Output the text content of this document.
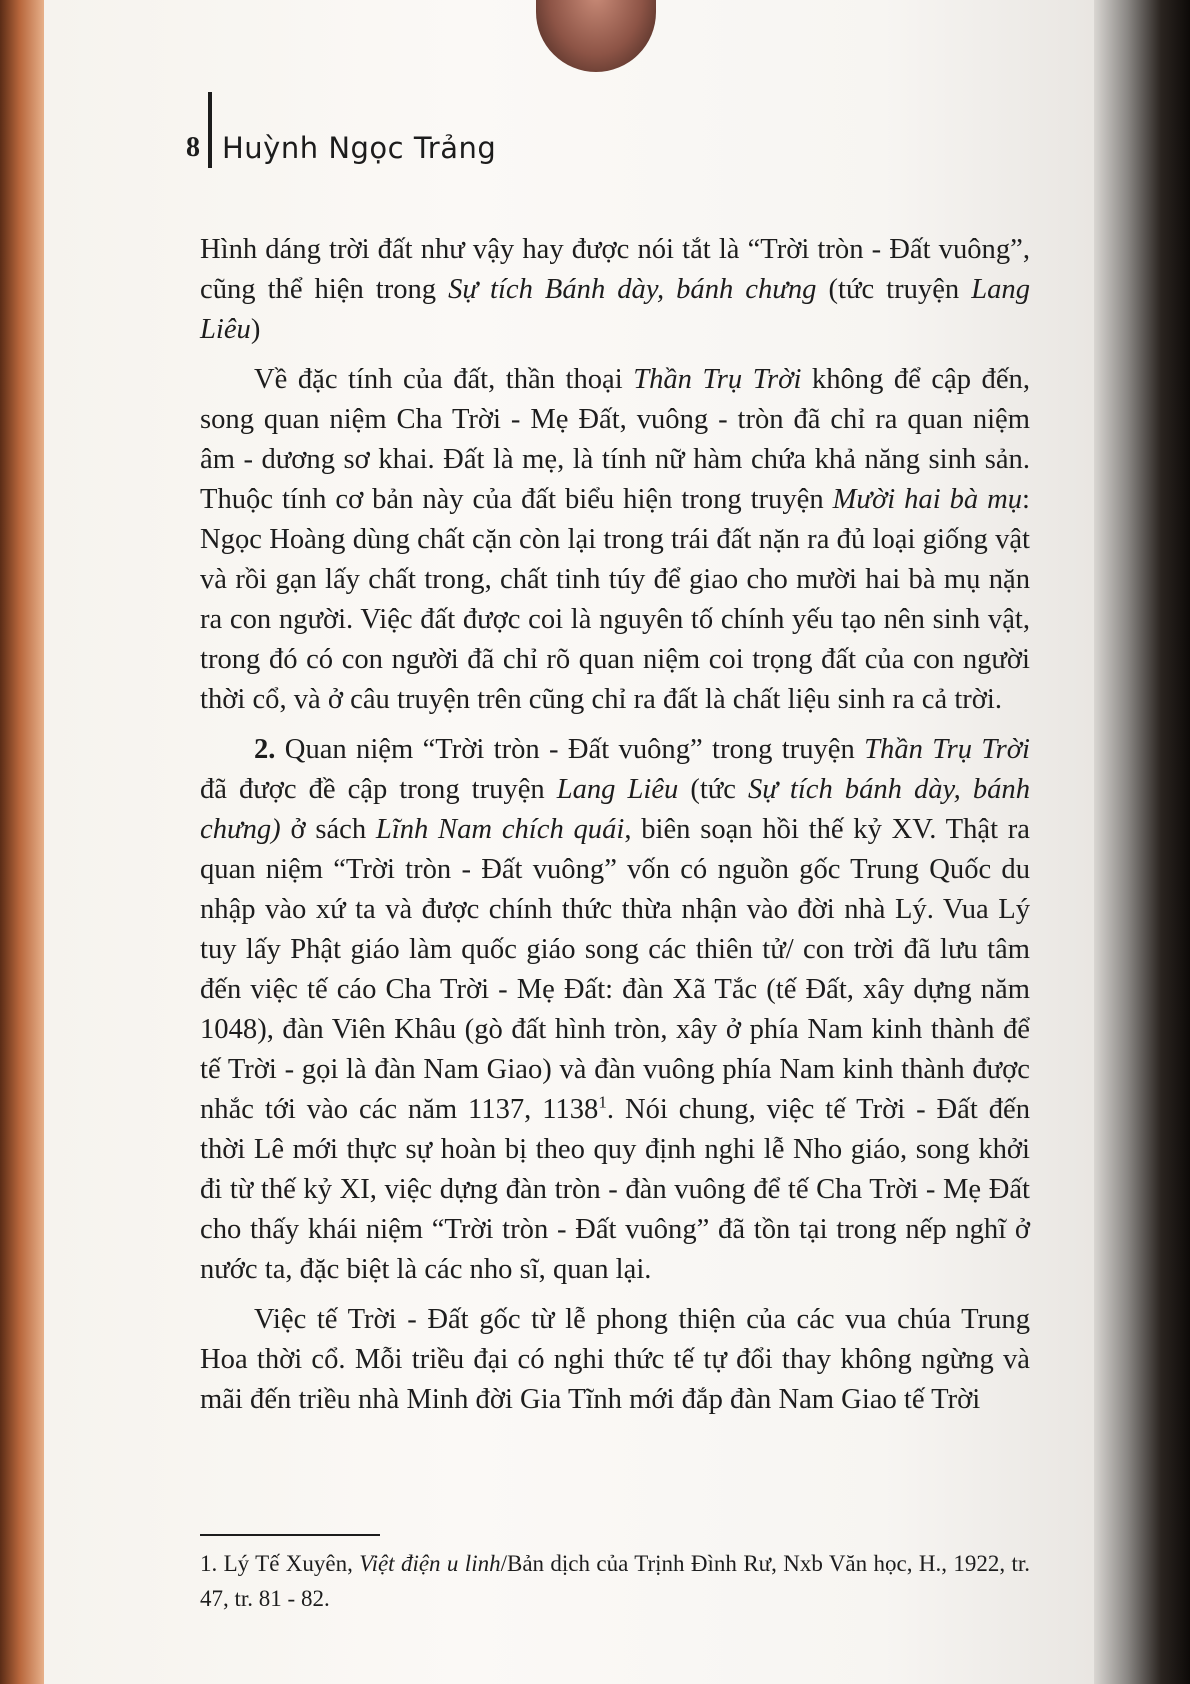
8 Huỳnh Ngọc Trảng

Hình dáng trời đất như vậy hay được nói tắt là “Trời tròn - Đất vuông”, cũng thể hiện trong Sự tích Bánh dày, bánh chưng (tức truyện Lang Liêu)

Về đặc tính của đất, thần thoại Thần Trụ Trời không để cập đến, song quan niệm Cha Trời - Mẹ Đất, vuông - tròn đã chỉ ra quan niệm âm - dương sơ khai. Đất là mẹ, là tính nữ hàm chứa khả năng sinh sản. Thuộc tính cơ bản này của đất biểu hiện trong truyện Mười hai bà mụ: Ngọc Hoàng dùng chất cặn còn lại trong trái đất nặn ra đủ loại giống vật và rồi gạn lấy chất trong, chất tinh túy để giao cho mười hai bà mụ nặn ra con người. Việc đất được coi là nguyên tố chính yếu tạo nên sinh vật, trong đó có con người đã chỉ rõ quan niệm coi trọng đất của con người thời cổ, và ở câu truyện trên cũng chỉ ra đất là chất liệu sinh ra cả trời.

2. Quan niệm “Trời tròn - Đất vuông” trong truyện Thần Trụ Trời đã được đề cập trong truyện Lang Liêu (tức Sự tích bánh dày, bánh chưng) ở sách Lĩnh Nam chích quái, biên soạn hồi thế kỷ XV. Thật ra quan niệm “Trời tròn - Đất vuông” vốn có nguồn gốc Trung Quốc du nhập vào xứ ta và được chính thức thừa nhận vào đời nhà Lý. Vua Lý tuy lấy Phật giáo làm quốc giáo song các thiên tử/ con trời đã lưu tâm đến việc tế cáo Cha Trời - Mẹ Đất: đàn Xã Tắc (tế Đất, xây dựng năm 1048), đàn Viên Khâu (gò đất hình tròn, xây ở phía Nam kinh thành để tế Trời - gọi là đàn Nam Giao) và đàn vuông phía Nam kinh thành được nhắc tới vào các năm 1137, 1138$^1$. Nói chung, việc tế Trời - Đất đến thời Lê mới thực sự hoàn bị theo quy định nghi lễ Nho giáo, song khởi đi từ thế kỷ XI, việc dựng đàn tròn - đàn vuông để tế Cha Trời - Mẹ Đất cho thấy khái niệm “Trời tròn - Đất vuông” đã tồn tại trong nếp nghĩ ở nước ta, đặc biệt là các nho sĩ, quan lại.

Việc tế Trời - Đất gốc từ lễ phong thiện của các vua chúa Trung Hoa thời cổ. Mỗi triều đại có nghi thức tế tự đổi thay không ngừng và mãi đến triều nhà Minh đời Gia Tĩnh mới đắp đàn Nam Giao tế Trời

1. Lý Tế Xuyên, Việt điện u linh/Bản dịch của Trịnh Đình Rư, Nxb Văn học, H., 1922, tr. 47, tr. 81 - 82.
